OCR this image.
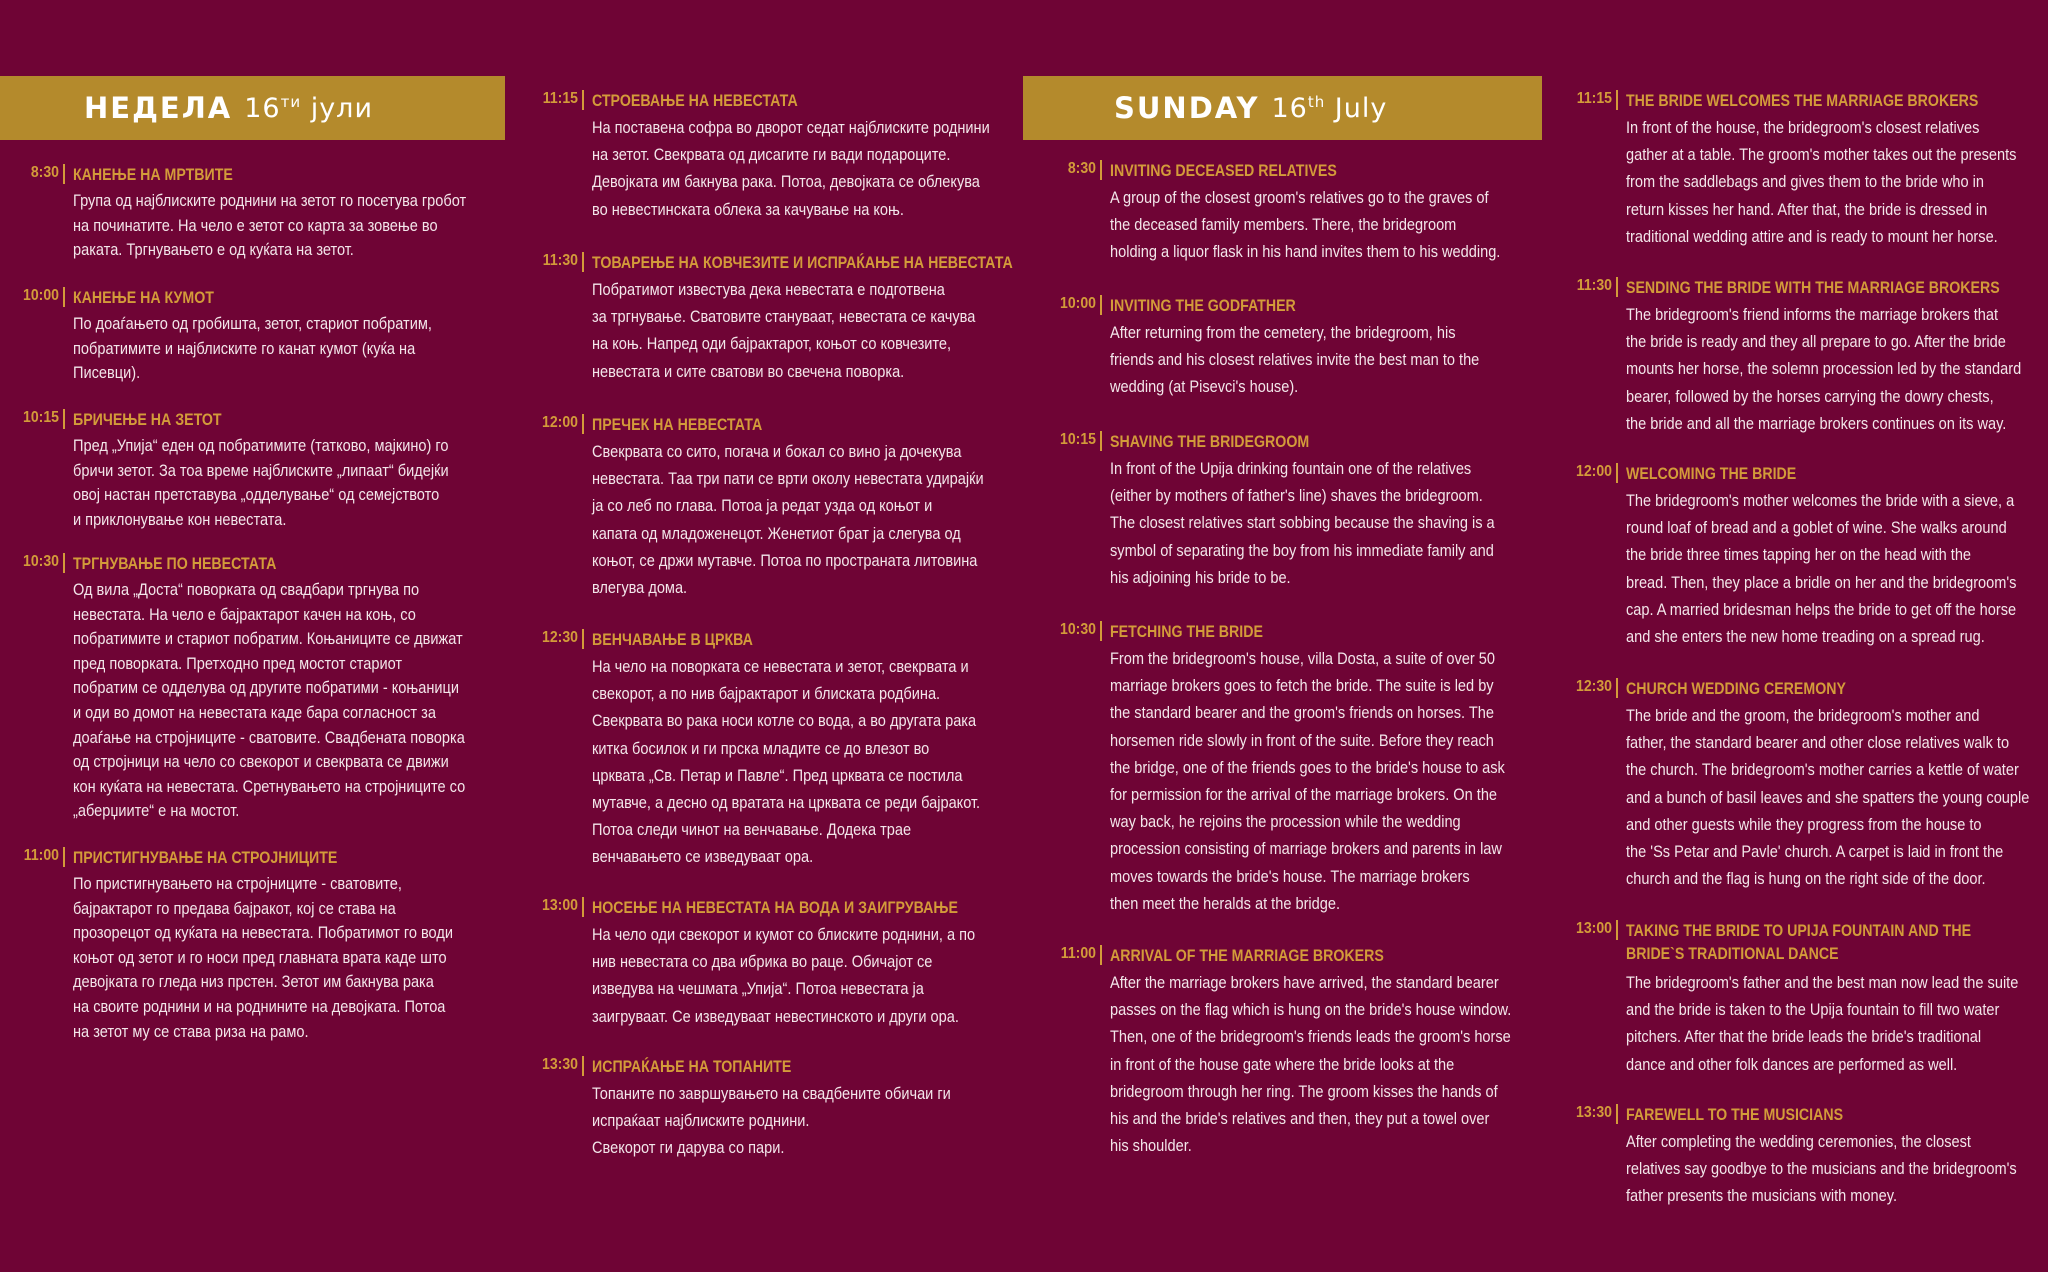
НЕДЕЛА $16^{ти}$ јули	SUNDAY 16th July
8:30 КАНЕЊЕ НА МРТВИТЕ
Група од најблиските роднини на зетот го посетува гробот
на починатите. На чело е зетот со карта за зовење во
раката. Тргнувањето е од куќата на зетот.
10:00 КАНЕЊЕ НА КУМОТ
По доаѓањето од гробишта, зетот, стариот побратим,
побратимите и најблиските го канат кумот (куќа на
Писевци).
10:15 БРИЧЕЊЕ НА ЗЕТОТ
Пред „Упија“ еден од побратимите (татково, мајкино) го
бричи зетот. За тоа време најблиските „липаат“ бидејќи
овој настан претставува „одделување“ од семејството
и приклонување кон невестата.
10:30 ТРГНУВАЊЕ ПО НЕВЕСТАТА
Од вила „Доста“ поворката од свадбари тргнува по
невестата. На чело е бајрактарот качен на коњ, со
побратимите и стариот побратим. Коњаниците се движат
пред поворката. Претходно пред мостот стариот
побратим се одделува од другите побратими - коњаници
и оди во домот на невестата каде бара согласност за
доаѓање на стројниците - сватовите. Свадбената поворка
од стројници на чело со свекорот и свекрвата се движи
кон куќата на невестата. Сретнувањето на стројниците со
„аберџиите“ е на мостот.
11:00 ПРИСТИГНУВАЊЕ НА СТРОЈНИЦИТЕ
По пристигнувањето на стројниците - сватовите,
бајрактарот го предава бајракот, кој се става на
прозорецот од куќата на невестата. Побратимот го води
коњот од зетот и го носи пред главната врата каде што
девојката го гледа низ прстен. Зетот им бакнува рака
на своите роднини и на роднините на девојката. Потоа
на зетот му се става риза на рамо.
11:15 СТРОЕВАЊЕ НА НЕВЕСТАТА
На поставена софра во дворот седат најблиските роднини
на зетот. Свекрвата од дисагите ги вади подароците.
Девојката им бакнува рака. Потоа, девојката се облекува
во невестинската облека за качување на коњ.
11:30 ТОВАРЕЊЕ НА КОВЧЕЗИТЕ И ИСПРАЌАЊЕ НА НЕВЕСТАТА
Побратимот известува дека невестата е подготвена
за тргнување. Сватовите стануваат, невестата се качува
на коњ. Напред оди бајрактарот, коњот со ковчезите,
невестата и сите сватови во свечена поворка.
12:00 ПРЕЧЕК НА НЕВЕСТАТА
Свекрвата со сито, погача и бокал со вино ја дочекува
невестата. Таа три пати се врти околу невестата удирајќи
ја со леб по глава. Потоа ја редат узда од коњот и
капата од младоженецот. Женетиот брат ја слегува од
коњот, се држи мутавче. Потоа по пространата литовина
влегува дома.
12:30 ВЕНЧАВАЊЕ В ЦРКВА
На чело на поворката се невестата и зетот, свекрвата и
свекорот, а по нив бајрактарот и блиската родбина.
Свекрвата во рака носи котле со вода, а во другата рака
китка босилок и ги прска младите се до влезот во
црквата „Св. Петар и Павле“. Пред црквата се постила
мутавче, а десно од вратата на црквата се реди бајракот.
Потоа следи чинот на венчавање. Додека трае
венчавањето се изведуваат ора.
13:00 НОСЕЊЕ НА НЕВЕСТАТА НА ВОДА И ЗАИГРУВАЊЕ
На чело оди свекорот и кумот со блиските роднини, а по
нив невестата со два ибрика во раце. Обичајот се
изведува на чешмата „Упија“. Потоа невестата ја
заигруваат. Се изведуваат невестинското и други ора.
13:30 ИСПРАЌАЊЕ НА ТОПАНИТЕ
Топаните по завршувањето на свадбените обичаи ги
испраќаат најблиските роднини.
Свекорот ги дарува со пари.
8:30 INVITING DECEASED RELATIVES
A group of the closest groom's relatives go to the graves of
the deceased family members. There, the bridegroom
holding a liquor flask in his hand invites them to his wedding.
10:00 INVITING THE GODFATHER
After returning from the cemetery, the bridegroom, his
friends and his closest relatives invite the best man to the
wedding (at Pisevci's house).
10:15 SHAVING THE BRIDEGROOM
In front of the Upija drinking fountain one of the relatives
(either by mothers of father's line) shaves the bridegroom.
The closest relatives start sobbing because the shaving is a
symbol of separating the boy from his immediate family and
his adjoining his bride to be.
10:30 FETCHING THE BRIDE
From the bridegroom's house, villa Dosta, a suite of over 50
marriage brokers goes to fetch the bride. The suite is led by
the standard bearer and the groom's friends on horses. The
horsemen ride slowly in front of the suite. Before they reach
the bridge, one of the friends goes to the bride's house to ask
for permission for the arrival of the marriage brokers. On the
way back, he rejoins the procession while the wedding
procession consisting of marriage brokers and parents in law
moves towards the bride's house. The marriage brokers
then meet the heralds at the bridge.
11:00 ARRIVAL OF THE MARRIAGE BROKERS
After the marriage brokers have arrived, the standard bearer
passes on the flag which is hung on the bride's house window.
Then, one of the bridegroom's friends leads the groom's horse
in front of the house gate where the bride looks at the
bridegroom through her ring. The groom kisses the hands of
his and the bride's relatives and then, they put a towel over
his shoulder.
11:15 THE BRIDE WELCOMES THE MARRIAGE BROKERS
In front of the house, the bridegroom's closest relatives
gather at a table. The groom's mother takes out the presents
from the saddlebags and gives them to the bride who in
return kisses her hand. After that, the bride is dressed in
traditional wedding attire and is ready to mount her horse.
11:30 SENDING THE BRIDE WITH THE MARRIAGE BROKERS
The bridegroom's friend informs the marriage brokers that
the bride is ready and they all prepare to go. After the bride
mounts her horse, the solemn procession led by the standard
bearer, followed by the horses carrying the dowry chests,
the bride and all the marriage brokers continues on its way.
12:00 WELCOMING THE BRIDE
The bridegroom's mother welcomes the bride with a sieve, a
round loaf of bread and a goblet of wine. She walks around
the bride three times tapping her on the head with the
bread. Then, they place a bridle on her and the bridegroom's
cap. A married bridesman helps the bride to get off the horse
and she enters the new home treading on a spread rug.
12:30 CHURCH WEDDING CEREMONY
The bride and the groom, the bridegroom's mother and
father, the standard bearer and other close relatives walk to
the church. The bridegroom's mother carries a kettle of water
and a bunch of basil leaves and she spatters the young couple
and other guests while they progress from the house to
the 'Ss Petar and Pavle' church. A carpet is laid in front the
church and the flag is hung on the right side of the door.
13:00 TAKING THE BRIDE TO UPIJA FOUNTAIN AND THE BRIDE`S TRADITIONAL DANCE
The bridegroom's father and the best man now lead the suite
and the bride is taken to the Upija fountain to fill two water
pitchers. After that the bride leads the bride's traditional
dance and other folk dances are performed as well.
13:30 FAREWELL TO THE MUSICIANS
After completing the wedding ceremonies, the closest
relatives say goodbye to the musicians and the bridegroom's
father presents the musicians with money.
